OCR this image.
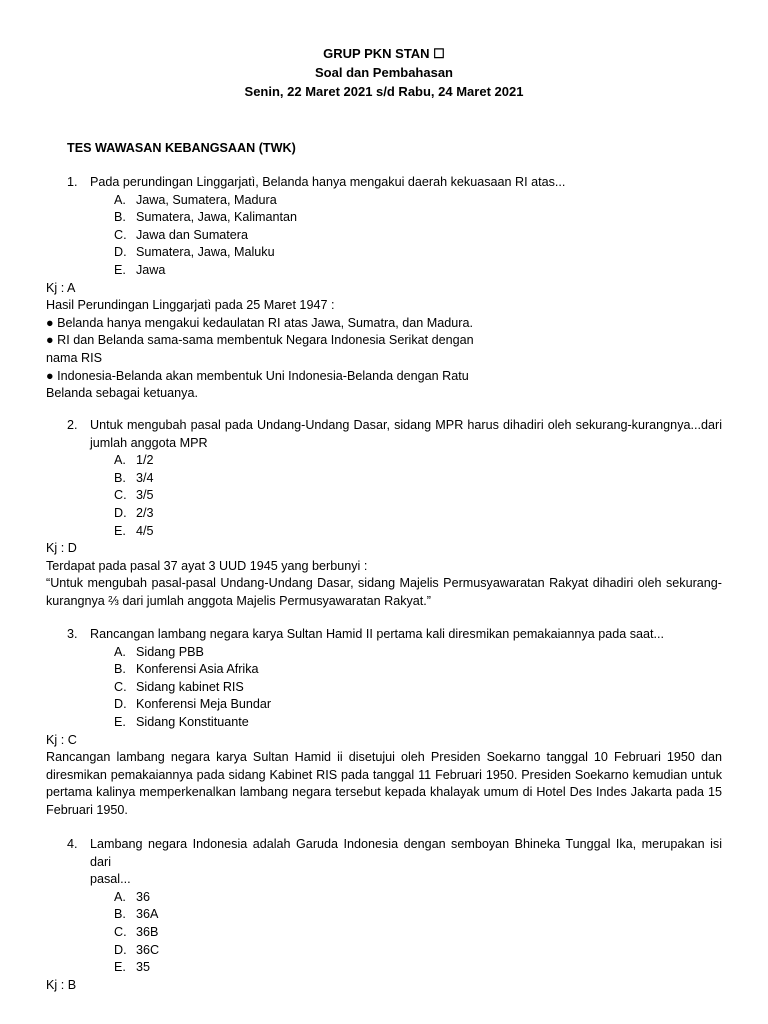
GRUP PKN STAN ☐
Soal dan Pembahasan
Senin, 22 Maret 2021 s/d Rabu, 24 Maret 2021
TES WAWASAN KEBANGSAAN (TWK)
1. Pada perundingan Linggarjatì, Belanda hanya mengakui daerah kekuasaan RI atas...
A. Jawa, Sumatera, Madura
B. Sumatera, Jawa, Kalimantan
C. Jawa dan Sumatera
D. Sumatera, Jawa, Maluku
E. Jawa
Kj : A
Hasil Perundingan Linggarjatì pada 25 Maret 1947 :
● Belanda hanya mengakui kedaulatan RI atas Jawa, Sumatra, dan Madura.
● RI dan Belanda sama-sama membentuk Negara Indonesia Serikat dengan
nama RIS
● Indonesia-Belanda akan membentuk Uni Indonesia-Belanda dengan Ratu
Belanda sebagai ketuanya.
2. Untuk mengubah pasal pada Undang-Undang Dasar, sidang MPR harus dihadiri oleh sekurang-kurangnya...dari
jumlah anggota MPR
A. 1/2
B. 3/4
C. 3/5
D. 2/3
E. 4/5
Kj : D
Terdapat pada pasal 37 ayat 3 UUD 1945 yang berbunyi :
“Untuk mengubah pasal-pasal Undang-Undang Dasar, sidang Majelis Permusyawaratan Rakyat dihadiri oleh sekurang-
kurangnya ⅔ dari jumlah anggota Majelis Permusyawaratan Rakyat.”
3. Rancangan lambang negara karya Sultan Hamid II pertama kali diresmikan pemakaiannya pada saat...
A. Sidang PBB
B. Konferensi Asia Afrika
C. Sidang kabinet RIS
D. Konferensi Meja Bundar
E. Sidang Konstituante
Kj : C
Rancangan lambang negara karya Sultan Hamid ii disetujui oleh Presiden Soekarno tanggal 10 Februari 1950 dan
diresmikan pemakaiannya pada sidang Kabinet RIS pada tanggal 11 Februari 1950. Presiden Soekarno kemudian untuk
pertama kalinya memperkenalkan lambang negara tersebut kepada khalayak umum di Hotel Des Indes Jakarta pada 15
Februari 1950.
4. Lambang negara Indonesia adalah Garuda Indonesia dengan semboyan Bhineka Tunggal Ika, merupakan isi dari
pasal...
A. 36
B. 36A
C. 36B
D. 36C
E. 35
Kj : B
